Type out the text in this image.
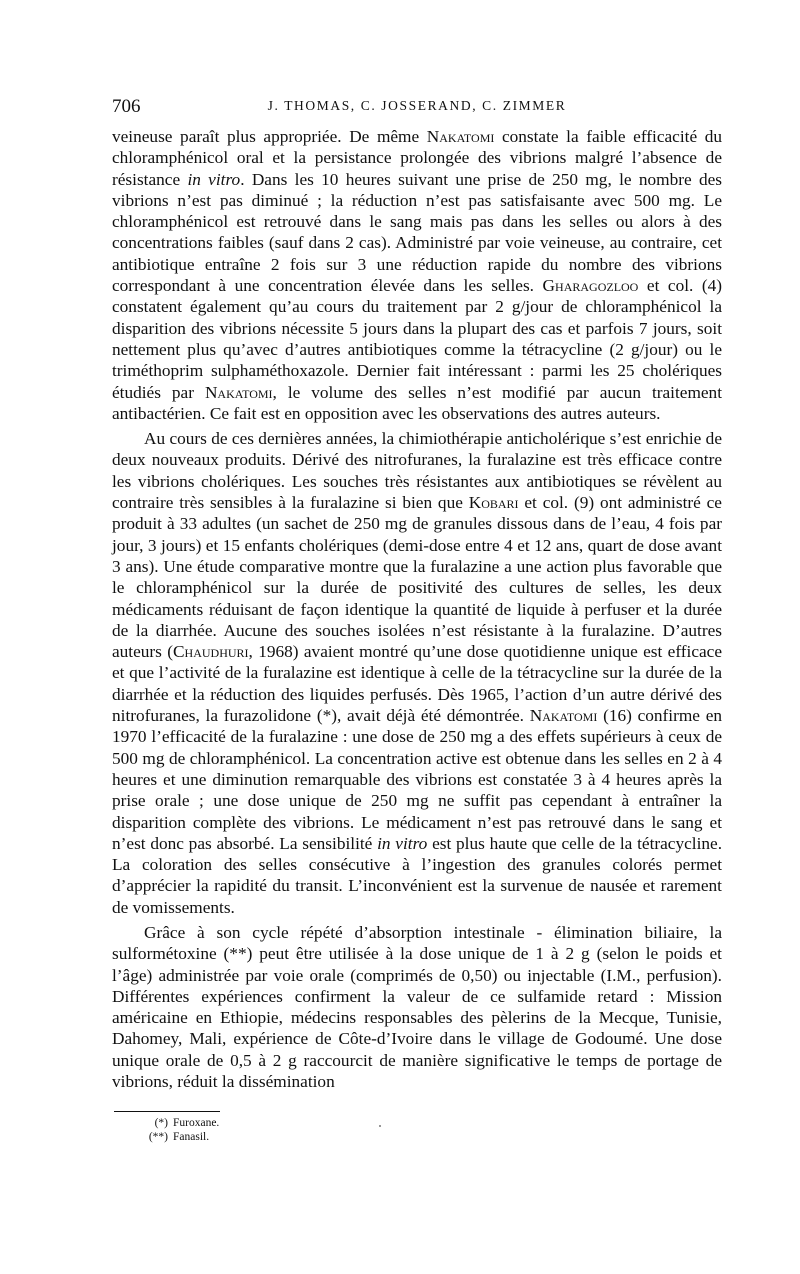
706	J. THOMAS, C. JOSSERAND, C. ZIMMER

veineuse paraît plus appropriée. De même Nakatomi constate la faible efficacité du chloramphénicol oral et la persistance prolongée des vibrions malgré l’absence de résistance in vitro. Dans les 10 heures suivant une prise de 250 mg, le nombre des vibrions n’est pas diminué ; la réduction n’est pas satisfaisante avec 500 mg. Le chloramphénicol est retrouvé dans le sang mais pas dans les selles ou alors à des concentrations faibles (sauf dans 2 cas). Administré par voie veineuse, au contraire, cet antibiotique entraîne 2 fois sur 3 une réduction rapide du nombre des vibrions correspondant à une concentration élevée dans les selles. Gharagozloo et col. (4) constatent également qu’au cours du traitement par 2 g/jour de chloramphénicol la disparition des vibrions nécessite 5 jours dans la plupart des cas et parfois 7 jours, soit nettement plus qu’avec d’autres antibiotiques comme la tétracycline (2 g/jour) ou le triméthoprim sulphaméthoxazole. Dernier fait intéressant : parmi les 25 cholériques étudiés par Nakatomi, le volume des selles n’est modifié par aucun traitement antibactérien. Ce fait est en opposition avec les observations des autres auteurs.

Au cours de ces dernières années, la chimiothérapie anticholérique s’est enrichie de deux nouveaux produits. Dérivé des nitrofuranes, la furalazine est très efficace contre les vibrions cholériques. Les souches très résistantes aux antibiotiques se révèlent au contraire très sensibles à la furalazine si bien que Kobari et col. (9) ont administré ce produit à 33 adultes (un sachet de 250 mg de granules dissous dans de l’eau, 4 fois par jour, 3 jours) et 15 enfants cholériques (demi-dose entre 4 et 12 ans, quart de dose avant 3 ans). Une étude comparative montre que la furalazine a une action plus favorable que le chloramphénicol sur la durée de positivité des cultures de selles, les deux médicaments réduisant de façon identique la quantité de liquide à perfuser et la durée de la diarrhée. Aucune des souches isolées n’est résistante à la furalazine. D’autres auteurs (Chaudhuri, 1968) avaient montré qu’une dose quotidienne unique est efficace et que l’activité de la furalazine est identique à celle de la tétracycline sur la durée de la diarrhée et la réduction des liquides perfusés. Dès 1965, l’action d’un autre dérivé des nitrofuranes, la furazolidone (*), avait déjà été démontrée. Nakatomi (16) confirme en 1970 l’efficacité de la furalazine : une dose de 250 mg a des effets supérieurs à ceux de 500 mg de chloramphénicol. La concentration active est obtenue dans les selles en 2 à 4 heures et une diminution remarquable des vibrions est constatée 3 à 4 heures après la prise orale ; une dose unique de 250 mg ne suffit pas cependant à entraîner la disparition complète des vibrions. Le médicament n’est pas retrouvé dans le sang et n’est donc pas absorbé. La sensibilité in vitro est plus haute que celle de la tétracycline. La coloration des selles consécutive à l’ingestion des granules colorés permet d’apprécier la rapidité du transit. L’inconvénient est la survenue de nausée et rarement de vomissements.

Grâce à son cycle répété d’absorption intestinale - élimination biliaire, la sulformétoxine (**) peut être utilisée à la dose unique de 1 à 2 g (selon le poids et l’âge) administrée par voie orale (comprimés de 0,50) ou injectable (I.M., perfusion). Différentes expériences confirment la valeur de ce sulfamide retard : Mission américaine en Ethiopie, médecins responsables des pèlerins de la Mecque, Tunisie, Dahomey, Mali, expérience de Côte-d’Ivoire dans le village de Godoumé. Une dose unique orale de 0,5 à 2 g raccourcit de manière significative le temps de portage de vibrions, réduit la dissémination

(*) Furoxane.
(**) Fanasil.
